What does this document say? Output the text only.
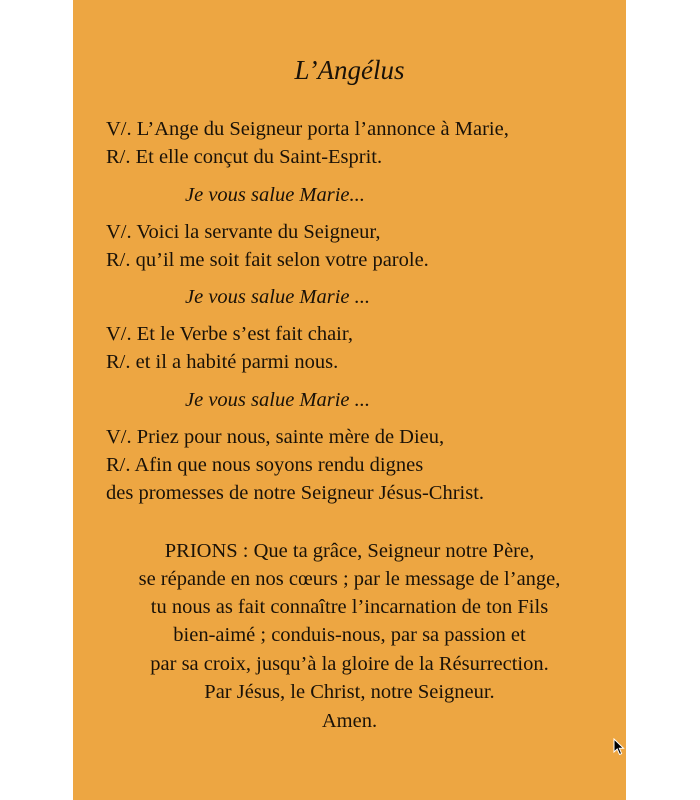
L’Angélus

V/. L’Ange du Seigneur porta l’annonce à Marie,

R/. Et elle conçut du Saint-Esprit.

Je vous salue Marie...

V/. Voici la servante du Seigneur,

R/. qu’il me soit fait selon votre parole.

Je vous salue Marie ...

V/. Et le Verbe s’est fait chair,

R/. et il a habité parmi nous.

Je vous salue Marie ...

V/. Priez pour nous, sainte mère de Dieu,

R/. Afin que nous soyons rendu dignes

des promesses de notre Seigneur Jésus-Christ.

PRIONS : Que ta grâce, Seigneur notre Père,

se répande en nos cœurs ; par le message de l’ange,

tu nous as fait connaître l’incarnation de ton Fils

bien-aimé ; conduis-nous, par sa passion et

par sa croix, jusqu’à la gloire de la Résurrection.

Par Jésus, le Christ, notre Seigneur.

Amen.
